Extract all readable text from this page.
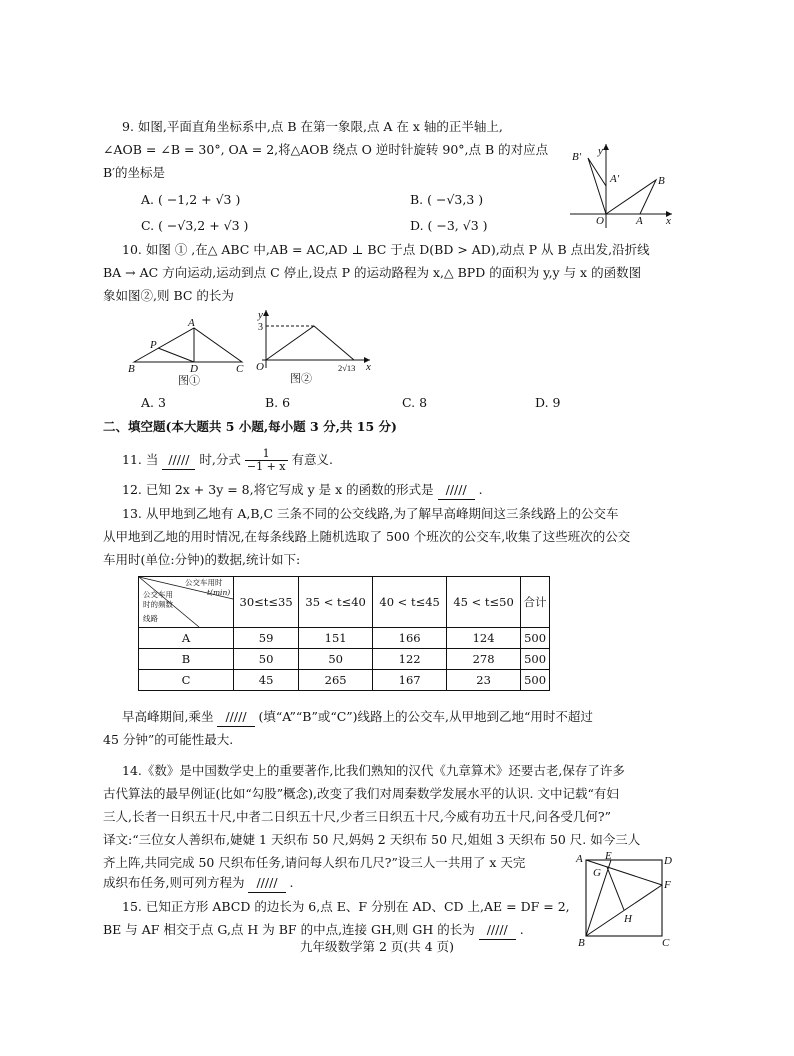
9. 如图,平面直角坐标系中,点 B 在第一象限,点 A 在 x 轴的正半轴上,
∠AOB = ∠B = 30°, OA = 2,将△AOB 绕点 O 逆时针旋转 90°,点 B 的对应点
B′的坐标是
A. ( −1,2 + √3 )	B. ( −√3,3 )
C. ( −√3,2 + √3 )	D. ( −3, √3 )
B′ y
A′	B
O	A x
10. 如图 ① ,在△ ABC 中,AB = AC,AD ⊥ BC 于点 D(BD > AD),动点 P 从 B 点出发,沿折线
BA → AC 方向运动,运动到点 C 停止,设点 P 的运动路程为 x,△ BPD 的面积为 y,y 与 x 的函数图
象如图②,则 BC 的长为
A
P
B	D	C
图①
y
3
O	2√13 x
图②
A. 3	B. 6	C. 8	D. 9
二、填空题(本大题共 5 小题,每小题 3 分,共 15 分)
11. 当 ///// 时,分式 $\frac{1}{-1 + x}$ 有意义.
12. 已知 2x + 3y = 8,将它写成 y 是 x 的函数的形式是 ///// .
13. 从甲地到乙地有 A,B,C 三条不同的公交线路,为了解早高峰期间这三条线路上的公交车
从甲地到乙地的用时情况,在每条线路上随机选取了 500 个班次的公交车,收集了这些班次的公交
车用时(单位:分钟)的数据,统计如下:
公交车用时
t(min)
公交车用
时的频数
线路	30≤t≤35	35 < t≤40	40 < t≤45	45 < t≤50	合计
A	59	151	166	124	500
B	50	50	122	278	500
C	45	265	167	23	500
早高峰期间,乘坐 ///// (填“A”“B”或“C”)线路上的公交车,从甲地到乙地“用时不超过
45 分钟”的可能性最大.
14.《数》是中国数学史上的重要著作,比我们熟知的汉代《九章算术》还要古老,保存了许多
古代算法的最早例证(比如“勾股”概念),改变了我们对周秦数学发展水平的认识. 文中记载“有妇
三人,长者一日织五十尺,中者二日织五十尺,少者三日织五十尺,今威有功五十尺,问各受几何?”
译文:“三位女人善织布,婕婕 1 天织布 50 尺,妈妈 2 天织布 50 尺,姐姐 3 天织布 50 尺. 如今三人
齐上阵,共同完成 50 尺织布任务,请问每人织布几尺?”设三人一共用了 x 天完
成织布任务,则可列方程为 ///// .
15. 已知正方形 ABCD 的边长为 6,点 E、F 分别在 AD、CD 上,AE = DF = 2,
BE 与 AF 相交于点 G,点 H 为 BF 的中点,连接 GH,则 GH 的长为 ///// .
A E	D
G
F
H
B	C
九年级数学第 2 页(共 4 页)
